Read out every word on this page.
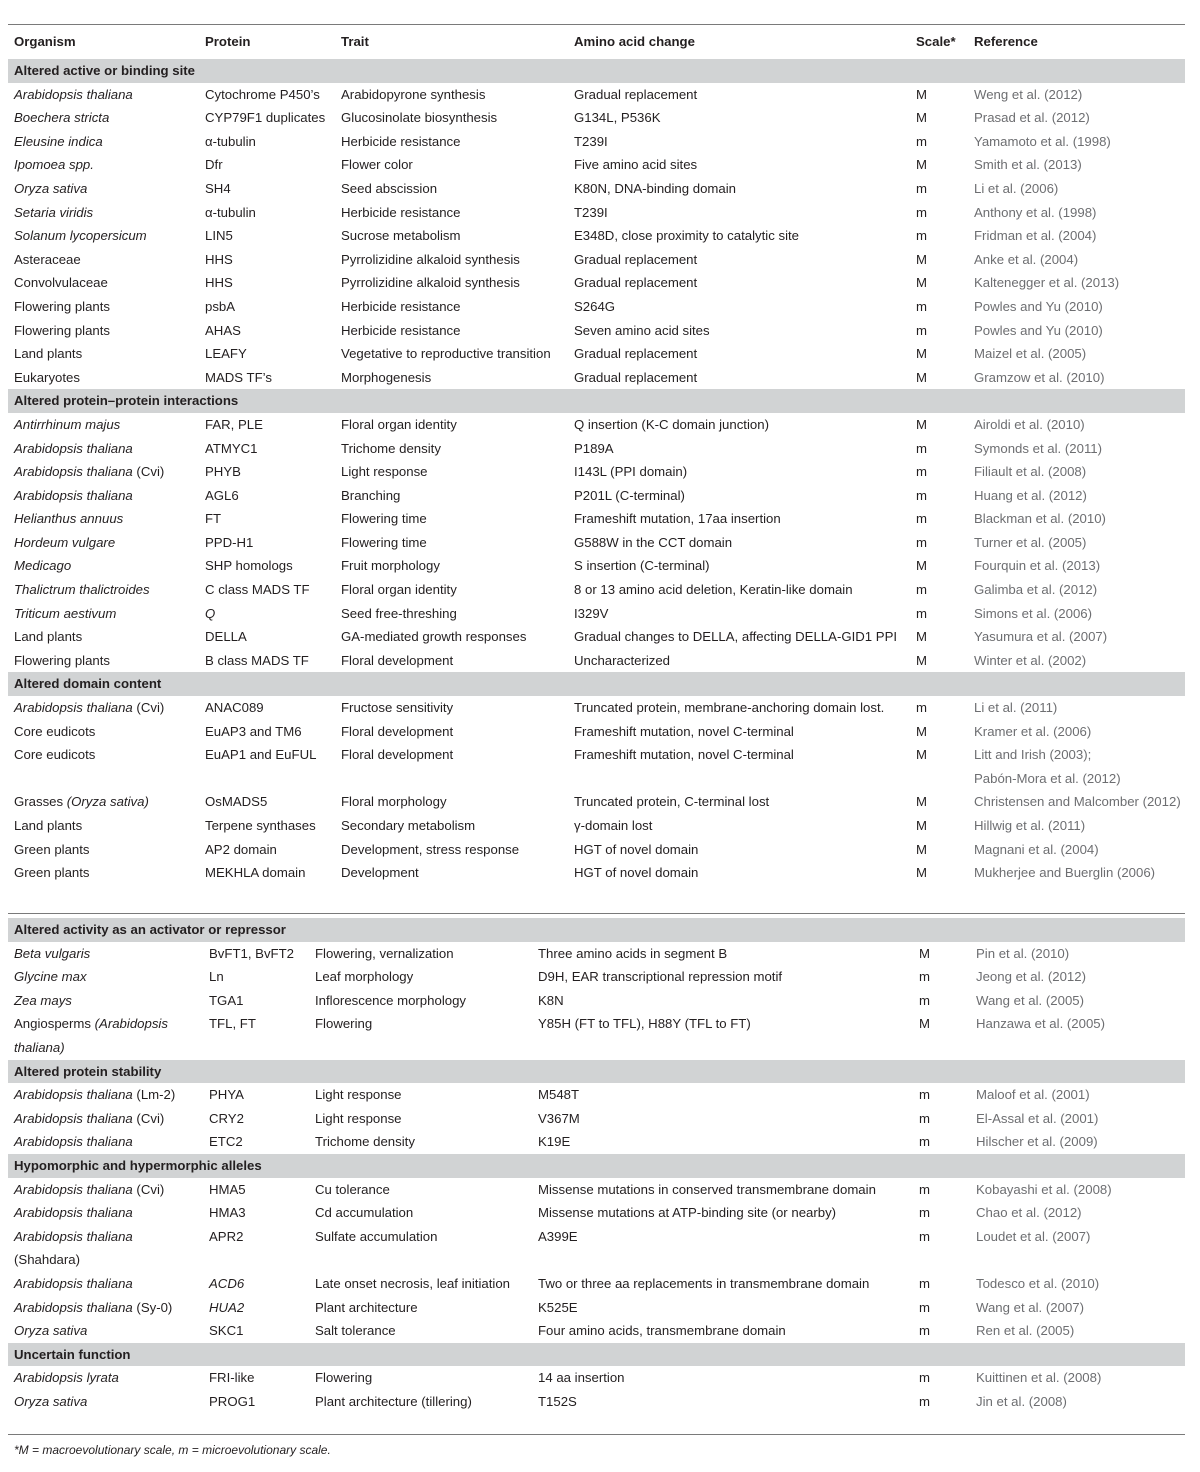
Organism	Protein	Trait	Amino acid change	Scale*	Reference
Altered active or binding site					
Arabidopsis thaliana	Cytochrome P450’s	Arabidopyrone synthesis	Gradual replacement	M	Weng et al. (2012)
Boechera stricta	CYP79F1 duplicates	Glucosinolate biosynthesis	G134L, P536K	M	Prasad et al. (2012)
Eleusine indica	α-tubulin	Herbicide resistance	T239I	m	Yamamoto et al. (1998)
Ipomoea spp.	Dfr	Flower color	Five amino acid sites	M	Smith et al. (2013)
Oryza sativa	SH4	Seed abscission	K80N, DNA-binding domain	m	Li et al. (2006)
Setaria viridis	α-tubulin	Herbicide resistance	T239I	m	Anthony et al. (1998)
Solanum lycopersicum	LIN5	Sucrose metabolism	E348D, close proximity to catalytic site	m	Fridman et al. (2004)
Asteraceae	HHS	Pyrrolizidine alkaloid synthesis	Gradual replacement	M	Anke et al. (2004)
Convolvulaceae	HHS	Pyrrolizidine alkaloid synthesis	Gradual replacement	M	Kaltenegger et al. (2013)
Flowering plants	psbA	Herbicide resistance	S264G	m	Powles and Yu (2010)
Flowering plants	AHAS	Herbicide resistance	Seven amino acid sites	m	Powles and Yu (2010)
Land plants	LEAFY	Vegetative to reproductive transition	Gradual replacement	M	Maizel et al. (2005)
Eukaryotes	MADS TF’s	Morphogenesis	Gradual replacement	M	Gramzow et al. (2010)
Altered protein–protein interactions					
Antirrhinum majus	FAR, PLE	Floral organ identity	Q insertion (K-C domain junction)	M	Airoldi et al. (2010)
Arabidopsis thaliana	ATMYC1	Trichome density	P189A	m	Symonds et al. (2011)
Arabidopsis thaliana (Cvi)	PHYB	Light response	I143L (PPI domain)	m	Filiault et al. (2008)
Arabidopsis thaliana	AGL6	Branching	P201L (C-terminal)	m	Huang et al. (2012)
Helianthus annuus	FT	Flowering time	Frameshift mutation, 17aa insertion	m	Blackman et al. (2010)
Hordeum vulgare	PPD-H1	Flowering time	G588W in the CCT domain	m	Turner et al. (2005)
Medicago	SHP homologs	Fruit morphology	S insertion (C-terminal)	M	Fourquin et al. (2013)
Thalictrum thalictroides	C class MADS TF	Floral organ identity	8 or 13 amino acid deletion, Keratin-like domain	m	Galimba et al. (2012)
Triticum aestivum	Q	Seed free-threshing	I329V	m	Simons et al. (2006)
Land plants	DELLA	GA-mediated growth responses	Gradual changes to DELLA, affecting DELLA-GID1 PPI	M	Yasumura et al. (2007)
Flowering plants	B class MADS TF	Floral development	Uncharacterized	M	Winter et al. (2002)
Altered domain content					
Arabidopsis thaliana (Cvi)	ANAC089	Fructose sensitivity	Truncated protein, membrane-anchoring domain lost.	m	Li et al. (2011)
Core eudicots	EuAP3 and TM6	Floral development	Frameshift mutation, novel C-terminal	M	Kramer et al. (2006)
Core eudicots	EuAP1 and EuFUL	Floral development	Frameshift mutation, novel C-terminal	M	Litt and Irish (2003);
					Pabón-Mora et al. (2012)
Grasses (Oryza sativa)	OsMADS5	Floral morphology	Truncated protein, C-terminal lost	M	Christensen and Malcomber (2012)
Land plants	Terpene synthases	Secondary metabolism	γ-domain lost	M	Hillwig et al. (2011)
Green plants	AP2 domain	Development, stress response	HGT of novel domain	M	Magnani et al. (2004)
Green plants	MEKHLA domain	Development	HGT of novel domain	M	Mukherjee and Buerglin (2006)
Altered activity as an activator or repressor					
Beta vulgaris	BvFT1, BvFT2	Flowering, vernalization	Three amino acids in segment B	M	Pin et al. (2010)
Glycine max	Ln	Leaf morphology	D9H, EAR transcriptional repression motif	m	Jeong et al. (2012)
Zea mays	TGA1	Inflorescence morphology	K8N	m	Wang et al. (2005)
Angiosperms (Arabidopsis	TFL, FT	Flowering	Y85H (FT to TFL), H88Y (TFL to FT)	M	Hanzawa et al. (2005)
thaliana)					
Altered protein stability					
Arabidopsis thaliana (Lm-2)	PHYA	Light response	M548T	m	Maloof et al. (2001)
Arabidopsis thaliana (Cvi)	CRY2	Light response	V367M	m	El-Assal et al. (2001)
Arabidopsis thaliana	ETC2	Trichome density	K19E	m	Hilscher et al. (2009)
Hypomorphic and hypermorphic alleles					
Arabidopsis thaliana (Cvi)	HMA5	Cu tolerance	Missense mutations in conserved transmembrane domain	m	Kobayashi et al. (2008)
Arabidopsis thaliana	HMA3	Cd accumulation	Missense mutations at ATP-binding site (or nearby)	m	Chao et al. (2012)
Arabidopsis thaliana	APR2	Sulfate accumulation	A399E	m	Loudet et al. (2007)
(Shahdara)					
Arabidopsis thaliana	ACD6	Late onset necrosis, leaf initiation	Two or three aa replacements in transmembrane domain	m	Todesco et al. (2010)
Arabidopsis thaliana (Sy-0)	HUA2	Plant architecture	K525E	m	Wang et al. (2007)
Oryza sativa	SKC1	Salt tolerance	Four amino acids, transmembrane domain	m	Ren et al. (2005)
Uncertain function					
Arabidopsis lyrata	FRI-like	Flowering	14 aa insertion	m	Kuittinen et al. (2008)
Oryza sativa	PROG1	Plant architecture (tillering)	T152S	m	Jin et al. (2008)
*M = macroevolutionary scale, m = microevolutionary scale.
